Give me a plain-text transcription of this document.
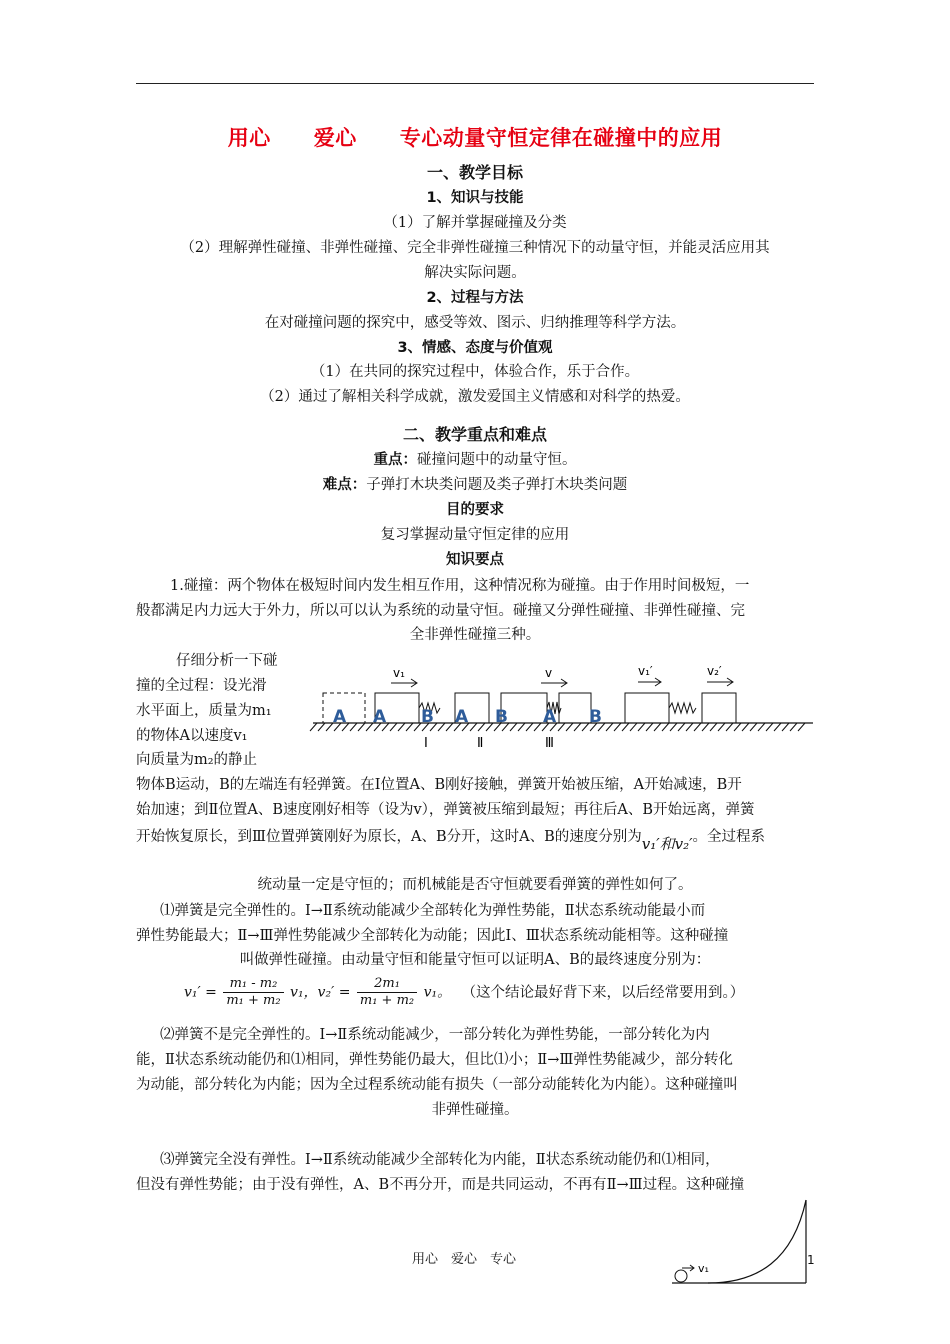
用心　　爱心　　专心动量守恒定律在碰撞中的应用
一、教学目标
1、知识与技能
（1）了解并掌握碰撞及分类
（2）理解弹性碰撞、非弹性碰撞、完全非弹性碰撞三种情况下的动量守恒，并能灵活应用其
解决实际问题。
2、过程与方法
在对碰撞问题的探究中，感受等效、图示、归纳推理等科学方法。
3、情感、态度与价值观
（1）在共同的探究过程中，体验合作，乐于合作。
（2）通过了解相关科学成就，激发爱国主义情感和对科学的热爱。
二、教学重点和难点
重点：碰撞问题中的动量守恒。
难点：子弹打木块类问题及类子弹打木块类问题
目的要求
复习掌握动量守恒定律的应用
知识要点
1.碰撞：两个物体在极短时间内发生相互作用，这种情况称为碰撞。由于作用时间极短，一
般都满足内力远大于外力，所以可以认为系统的动量守恒。碰撞又分弹性碰撞、非弹性碰撞、完
全非弹性碰撞三种。
仔细分析一下碰
撞的全过程：设光滑
水平面上，质量为m₁
的物体A以速度v₁
向质量为m₂的静止
A A B A B A B
v₁	v	v₁′	v₂′
Ⅰ	Ⅱ	Ⅲ
物体B运动，B的左端连有轻弹簧。在Ⅰ位置A、B刚好接触，弹簧开始被压缩，A开始减速，B开
始加速；到Ⅱ位置A、B速度刚好相等（设为v），弹簧被压缩到最短；再往后A、B开始远离，弹簧
开始恢复原长，到Ⅲ位置弹簧刚好为原长，A、B分开，这时A、B的速度分别为v₁′和v₂′。全过程系
统动量一定是守恒的；而机械能是否守恒就要看弹簧的弹性如何了。
⑴弹簧是完全弹性的。Ⅰ→Ⅱ系统动能减少全部转化为弹性势能，Ⅱ状态系统动能最小而
弹性势能最大；Ⅱ→Ⅲ弹性势能减少全部转化为动能；因此Ⅰ、Ⅲ状态系统动能相等。这种碰撞
叫做弹性碰撞。由动量守恒和能量守恒可以证明A、B的最终速度分别为：
$v_1' = \frac{\text{m₁ - m₂}}{\text{m₁ + m₂}} v_1$，$v_2' = \frac{\text{2m₁}}{\text{m₁ + m₂}} v_1$。 （这个结论最好背下来，以后经常要用到。）
⑵弹簧不是完全弹性的。Ⅰ→Ⅱ系统动能减少，一部分转化为弹性势能，一部分转化为内
能，Ⅱ状态系统动能仍和⑴相同，弹性势能仍最大，但比⑴小；Ⅱ→Ⅲ弹性势能减少，部分转化
为动能，部分转化为内能；因为全过程系统动能有损失（一部分动能转化为内能）。这种碰撞叫
非弹性碰撞。
⑶弹簧完全没有弹性。Ⅰ→Ⅱ系统动能减少全部转化为内能，Ⅱ状态系统动能仍和⑴相同，
但没有弹性势能；由于没有弹性，A、B不再分开，而是共同运动，不再有Ⅱ→Ⅲ过程。这种碰撞
用心　爱心　专心
v₁
1
